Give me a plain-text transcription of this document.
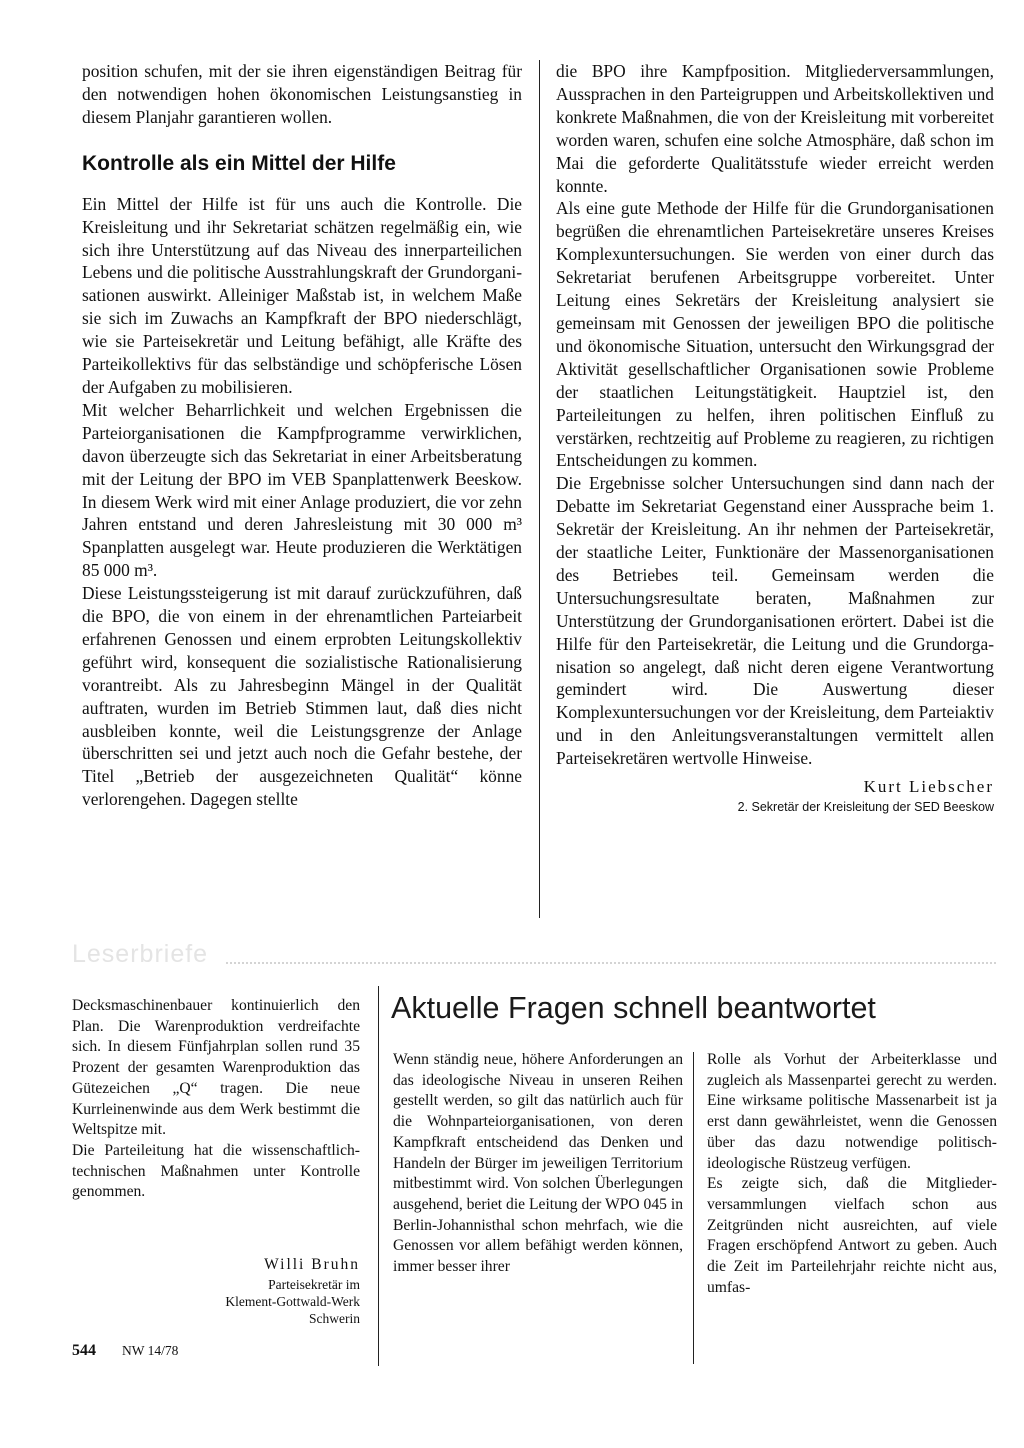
position schufen, mit der sie ihren eigenständigen Beitrag für den notwendigen hohen ökonomischen Leistungsanstieg in diesem Planjahr garantieren wollen.

Kontrolle als ein Mittel der Hilfe

Ein Mittel der Hilfe ist für uns auch die Kontrolle. Die Kreisleitung und ihr Sekretariat schätzen regelmäßig ein, wie sich ihre Unterstützung auf das Niveau des innerparteilichen Lebens und die politische Ausstrahlungskraft der Grundorganisationen auswirkt. Alleiniger Maßstab ist, in welchem Maße sie sich im Zuwachs an Kampfkraft der BPO niederschlägt, wie sie Parteisekretär und Leitung befähigt, alle Kräfte des Parteikollektivs für das selbständige und schöpferische Lösen der Aufgaben zu mobilisieren.

Mit welcher Beharrlichkeit und welchen Ergebnissen die Parteiorganisationen die Kampfprogramme verwirklichen, davon überzeugte sich das Sekretariat in einer Arbeitsberatung mit der Leitung der BPO im VEB Spanplattenwerk Beeskow. In diesem Werk wird mit einer Anlage produziert, die vor zehn Jahren entstand und deren Jahresleistung mit 30 000 m³ Spanplatten ausgelegt war. Heute produzieren die Werktätigen 85 000 m³.

Diese Leistungssteigerung ist mit darauf zurückzuführen, daß die BPO, die von einem in der ehrenamtlichen Parteiarbeit erfahrenen Genossen und einem erprobten Leitungskollektiv geführt wird, konsequent die sozialistische Rationalisierung vorantreibt. Als zu Jahresbeginn Mängel in der Qualität auftraten, wurden im Betrieb Stimmen laut, daß dies nicht ausbleiben konnte, weil die Leistungsgrenze der Anlage überschritten sei und jetzt auch noch die Gefahr bestehe, der Titel „Betrieb der ausgezeichneten Qualität“ könne verlorengehen. Dagegen stellte

die BPO ihre Kampfposition. Mitgliederversammlungen, Aussprachen in den Parteigruppen und Arbeitskollektiven und konkrete Maßnahmen, die von der Kreisleitung mit vorbereitet worden waren, schufen eine solche Atmosphäre, daß schon im Mai die geforderte Qualitätsstufe wieder erreicht werden konnte.

Als eine gute Methode der Hilfe für die Grundorganisationen begrüßen die ehrenamtlichen Parteisekretäre unseres Kreises Komplexuntersuchungen. Sie werden von einer durch das Sekretariat berufenen Arbeitsgruppe vorbereitet. Unter Leitung eines Sekretärs der Kreisleitung analysiert sie gemeinsam mit Genossen der jeweiligen BPO die politische und ökonomische Situation, untersucht den Wirkungsgrad der Aktivität gesellschaftlicher Organisationen sowie Probleme der staatlichen Leitungstätigkeit. Hauptziel ist, den Parteileitungen zu helfen, ihren politischen Einfluß zu verstärken, rechtzeitig auf Probleme zu reagieren, zu richtigen Entscheidungen zu kommen.

Die Ergebnisse solcher Untersuchungen sind dann nach der Debatte im Sekretariat Gegenstand einer Aussprache beim 1. Sekretär der Kreisleitung. An ihr nehmen der Parteisekretär, der staatliche Leiter, Funktionäre der Massenorganisationen des Betriebes teil. Gemeinsam werden die Untersuchungsresultate beraten, Maßnahmen zur Unterstützung der Grundorganisationen erörtert. Dabei ist die Hilfe für den Parteisekretär, die Leitung und die Grundorganisation so angelegt, daß nicht deren eigene Verantwortung gemindert wird. Die Auswertung dieser Komplexuntersuchungen vor der Kreisleitung, dem Parteiaktiv und in den Anleitungsveranstaltungen vermittelt allen Parteisekretären wertvolle Hinweise.

Kurt Liebscher

2. Sekretär der Kreisleitung der SED Beeskow

Leserbriefe

Decksmaschinenbauer kontinuierlich den Plan. Die Warenproduktion verdreifachte sich. In diesem Fünfjahrplan sollen rund 35 Prozent der gesamten Warenproduktion das Gütezeichen „Q“ tragen. Die neue Kurrleinenwinde aus dem Werk bestimmt die Weltspitze mit.

Die Parteileitung hat die wissenschaftlich-technischen Maßnahmen unter Kontrolle genommen.

Willi Bruhn

Parteisekretär im

Klement-Gottwald-Werk

Schwerin

Aktuelle Fragen schnell beantwortet

Wenn ständig neue, höhere Anforderungen an das ideologische Niveau in unseren Reihen gestellt werden, so gilt das natürlich auch für die Wohnparteiorganisationen, von deren Kampfkraft entscheidend das Denken und Handeln der Bürger im jeweiligen Territorium mitbestimmt wird. Von solchen Überlegungen ausgehend, beriet die Leitung der WPO 045 in Berlin-Johannisthal schon mehrfach, wie die Genossen vor allem befähigt werden können, immer besser ihrer

Rolle als Vorhut der Arbeiterklasse und zugleich als Massenpartei gerecht zu werden. Eine wirksame politische Massenarbeit ist ja erst dann gewährleistet, wenn die Genossen über das dazu notwendige politisch-ideologische Rüstzeug verfügen.

Es zeigte sich, daß die Mitgliederversammlungen vielfach schon aus Zeitgründen nicht ausreichten, auf viele Fragen erschöpfend Antwort zu geben. Auch die Zeit im Parteilehrjahr reichte nicht aus, umfas-

544 NW 14/78
